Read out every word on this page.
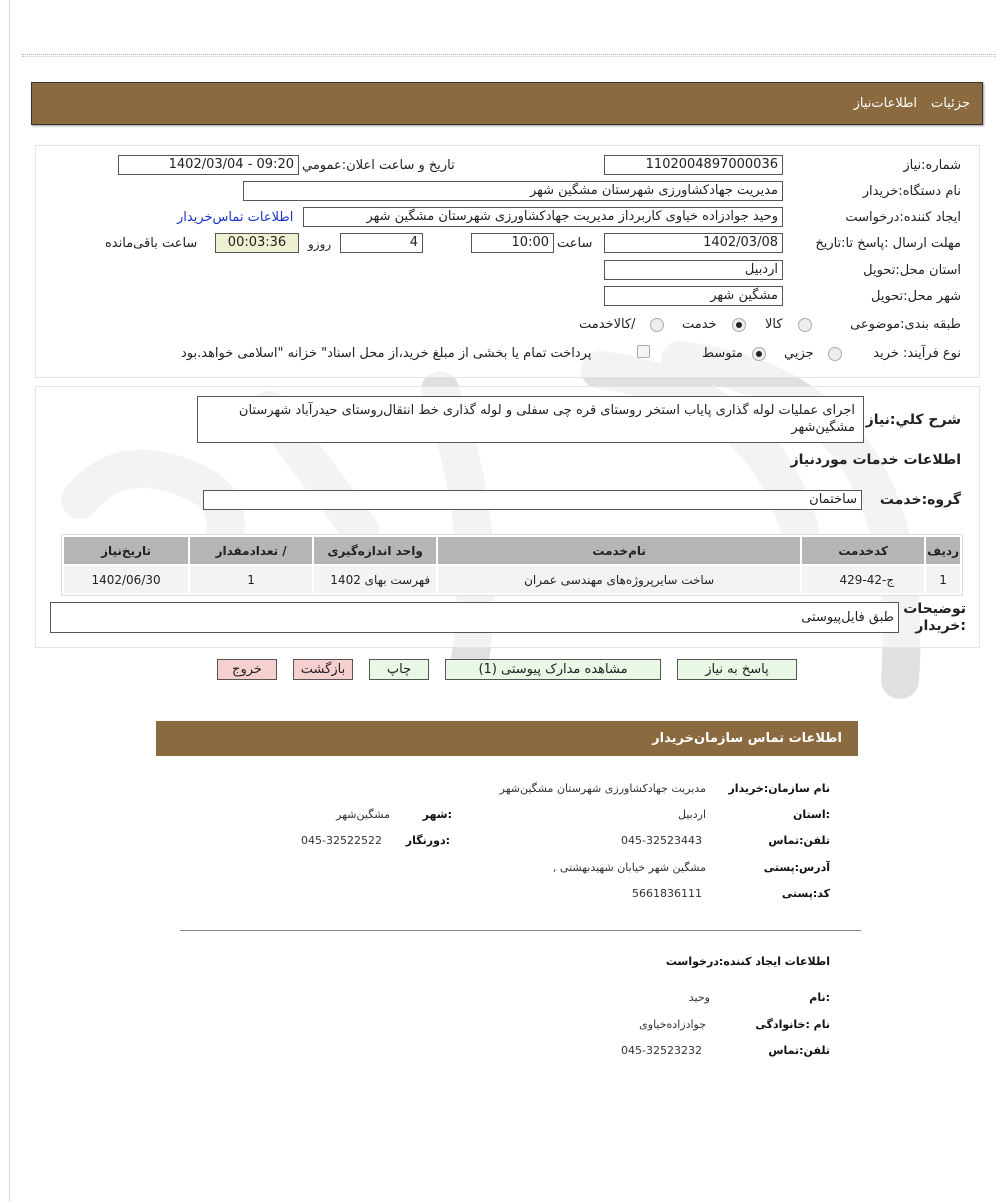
جزئیات
اطلاعات‌نیاز
شماره:نیاز
1102004897000036
تاریخ و ساعت اعلان:عمومي
1402/03/04 - 09:20
نام دستگاه:خریدار
مدیریت جهادکشاورزی شهرستان مشگین شهر
ایجاد کننده:درخواست
وحید جوادزاده خیاوی کاربرداز مدیریت جهادکشاورزی شهرستان مشگین شهر
اطلاعات تماس‌خریدار
مهلت ارسال :پاسخ تا:تاریخ
1402/03/08
ساعت
10:00
4
روزو
00:03:36
ساعت باقی‌مانده
استان محل:تحویل
اردبیل
شهر محل:تحویل
مشگین شهر
طبقه بندی:موضوعی
کالا
خدمت
/کالاخدمت
نوع فرآیند: خرید
جزیي
متوسط
پرداخت تمام یا بخشی از مبلغ خرید،از محل اسناد" خزانه "اسلامی خواهد.بود
شرح کلي:نیاز
اجرای عملیات لوله گذاری پایاب استخر روستای قره چی سفلی و لوله گذاری خط انتقال‌روستای حیدرآباد شهرستان مشگین‌شهر
اطلاعات خدمات موردنیاز
گروه:خدمت
ساختمان
ردیف	کدخدمت	نام‌خدمت	واحد اندازه‌گیری	/ تعدادمقدار	تاریخ‌نیاز
1	ج-42-429	ساخت سایرپروژه‌های مهندسی عمران	فهرست بهای 1402	1	1402/06/30
توضیحات :خریدار
طبق فایل‌پیوستی
پاسخ به نیاز
مشاهده مدارک پیوستی (1)
چاپ
بازگشت
خروج
اطلاعات تماس سازمان‌خریدار
نام سازمان:خریدار
مدیریت جهادکشاورزی شهرستان مشگین‌شهر
:استان
اردبیل
:شهر
مشگین‌شهر
تلفن:تماس
045-32523443
:دورنگار
045-32522522
آدرس:پستی
مشگین شهر خیابان شهیدبهشتی ,
کد:پستی
5661836111
اطلاعات ایجاد کننده:درخواست
:نام
وحید
نام :خانوادگی
جوادزاده‌خیاوی
تلفن:تماس
045-32523232
